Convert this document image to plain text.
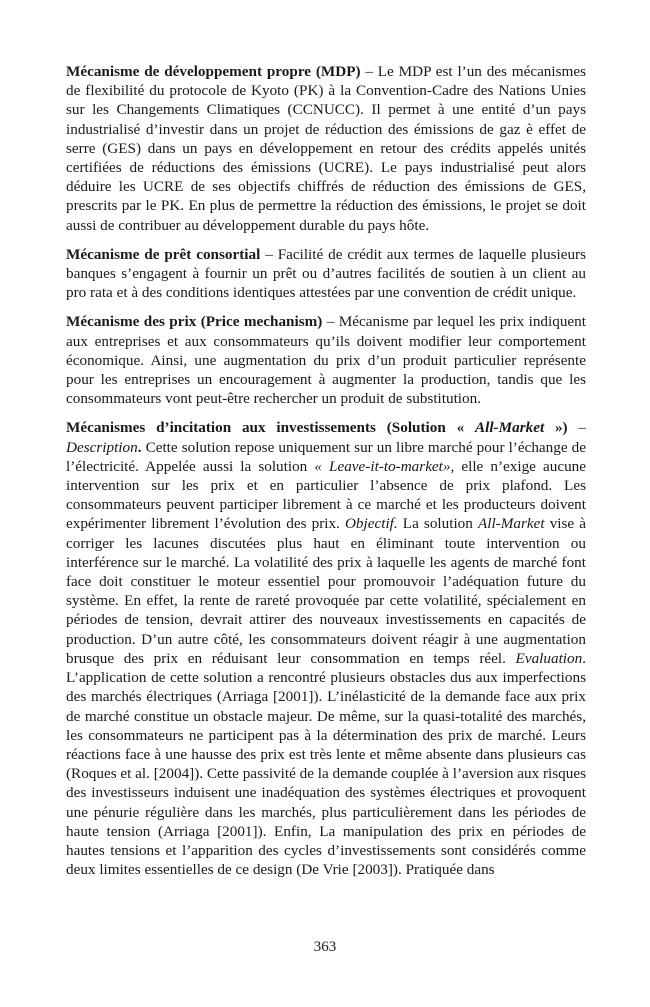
Mécanisme de développement propre (MDP) – Le MDP est l’un des mécanismes de flexibilité du protocole de Kyoto (PK) à la Convention-Cadre des Nations Unies sur les Changements Climatiques (CCNUCC). Il permet à une entité d’un pays industrialisé d’investir dans un projet de réduction des émissions de gaz è effet de serre (GES) dans un pays en développement en retour des crédits appelés unités certifiées de réductions des émissions (UCRE). Le pays industrialisé peut alors déduire les UCRE de ses objectifs chiffrés de réduction des émissions de GES, prescrits par le PK. En plus de permettre la réduction des émissions, le projet se doit aussi de contribuer au développement durable du pays hôte.

Mécanisme de prêt consortial – Facilité de crédit aux termes de laquelle plusieurs banques s’engagent à fournir un prêt ou d’autres facilités de soutien à un client au pro rata et à des conditions identiques attestées par une convention de crédit unique.

Mécanisme des prix (Price mechanism) – Mécanisme par lequel les prix indiquent aux entreprises et aux consommateurs qu’ils doivent modifier leur comportement économique. Ainsi, une augmentation du prix d’un produit particulier représente pour les entreprises un encouragement à augmenter la production, tandis que les consommateurs vont peut-être rechercher un produit de substitution.

Mécanismes d’incitation aux investissements (Solution « All-Market ») – Description. Cette solution repose uniquement sur un libre marché pour l’échange de l’électricité. Appelée aussi la solution « Leave-it-to-market», elle n’exige aucune intervention sur les prix et en particulier l’absence de prix plafond. Les consommateurs peuvent participer librement à ce marché et les producteurs doivent expérimenter librement l’évolution des prix. Objectif. La solution All-Market vise à corriger les lacunes discutées plus haut en éliminant toute intervention ou interférence sur le marché. La volatilité des prix à laquelle les agents de marché font face doit constituer le moteur essentiel pour promouvoir l’adéquation future du système. En effet, la rente de rareté provoquée par cette volatilité, spécialement en périodes de tension, devrait attirer des nouveaux investissements en capacités de production. D’un autre côté, les consommateurs doivent réagir à une augmentation brusque des prix en réduisant leur consommation en temps réel. Evaluation. L’application de cette solution a rencontré plusieurs obstacles dus aux imperfections des marchés électriques (Arriaga [2001]). L’inélasticité de la demande face aux prix de marché constitue un obstacle majeur. De même, sur la quasi-totalité des marchés, les consommateurs ne participent pas à la détermination des prix de marché. Leurs réactions face à une hausse des prix est très lente et même absente dans plusieurs cas (Roques et al. [2004]). Cette passivité de la demande couplée à l’aversion aux risques des investisseurs induisent une inadéquation des systèmes électriques et provoquent une pénurie régulière dans les marchés, plus particulièrement dans les périodes de haute tension (Arriaga [2001]). Enfin, La manipulation des prix en périodes de hautes tensions et l’apparition des cycles d’investissements sont considérés comme deux limites essentielles de ce design (De Vrie [2003]). Pratiquée dans

363
